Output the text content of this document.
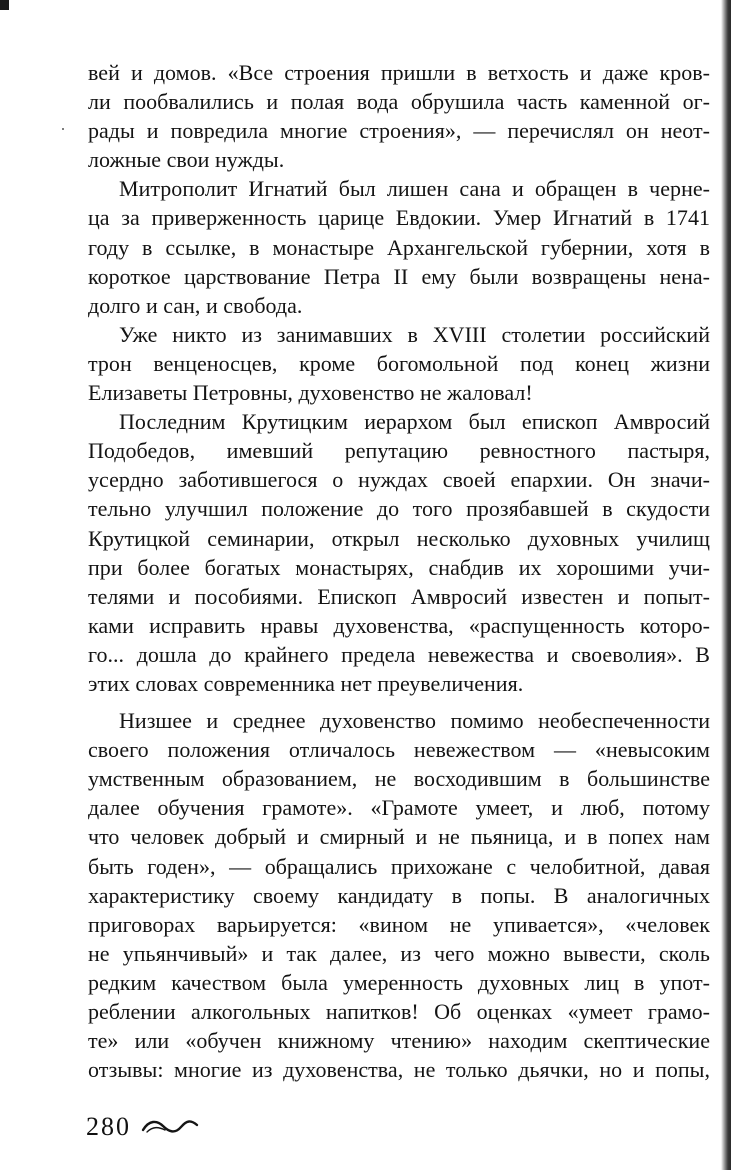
вей и домов. «Все строения пришли в ветхость и даже кров-
ли пообвалились и полая вода обрушила часть каменной ог-
рады и повредила многие строения», — перечислял он неот-
ложные свои нужды.

Митрополит Игнатий был лишен сана и обращен в черне-
ца за приверженность царице Евдокии. Умер Игнатий в 1741
году в ссылке, в монастыре Архангельской губернии, хотя в
короткое царствование Петра II ему были возвращены нена-
долго и сан, и свобода.

Уже никто из занимавших в XVIII столетии российский
трон венценосцев, кроме богомольной под конец жизни
Елизаветы Петровны, духовенство не жаловал!

Последним Крутицким иерархом был епископ Амвросий
Подобедов, имевший репутацию ревностного пастыря,
усердно заботившегося о нуждах своей епархии. Он значи-
тельно улучшил положение до того прозябавшей в скудости
Крутицкой семинарии, открыл несколько духовных училищ
при более богатых монастырях, снабдив их хорошими учи-
телями и пособиями. Епископ Амвросий известен и попыт-
ками исправить нравы духовенства, «распущенность которо-
го... дошла до крайнего предела невежества и своеволия». В
этих словах современника нет преувеличения.

Низшее и среднее духовенство помимо необеспеченности
своего положения отличалось невежеством — «невысоким
умственным образованием, не восходившим в большинстве
далее обучения грамоте». «Грамоте умеет, и люб, потому
что человек добрый и смирный и не пьяница, и в попех нам
быть годен», — обращались прихожане с челобитной, давая
характеристику своему кандидату в попы. В аналогичных
приговорах варьируется: «вином не упивается», «человек
не упьянчивый» и так далее, из чего можно вывести, сколь
редким качеством была умеренность духовных лиц в упот-
реблении алкогольных напитков! Об оценках «умеет грамо-
те» или «обучен книжному чтению» находим скептические
отзывы: многие из духовенства, не только дьячки, но и попы,

280
